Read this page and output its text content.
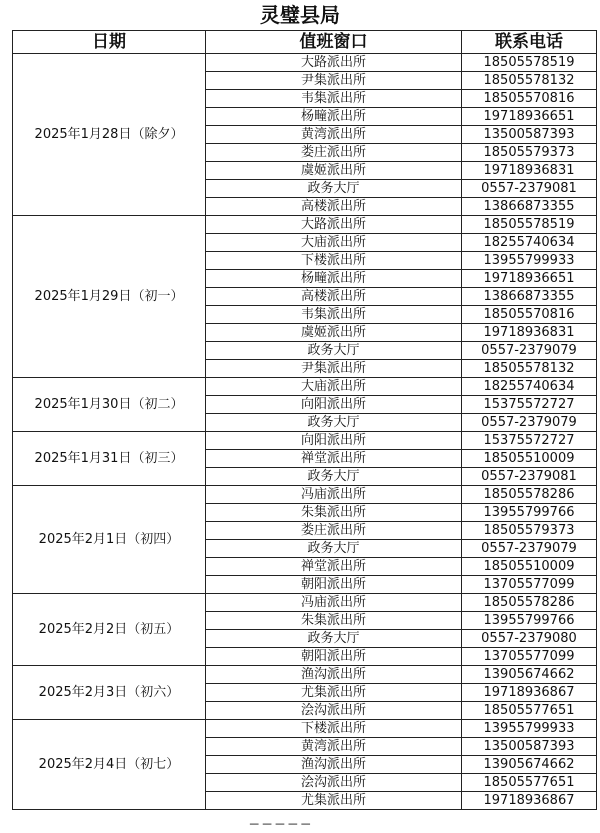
灵璧县局
日期	值班窗口	联系电话
2025年1月28日（除夕）	大路派出所	18505578519
	尹集派出所	18505578132
	韦集派出所	18505570816
	杨疃派出所	19718936651
	黄湾派出所	13500587393
	娄庄派出所	18505579373
	虞姬派出所	19718936831
	政务大厅	0557-2379081
	高楼派出所	13866873355
2025年1月29日（初一）	大路派出所	18505578519
	大庙派出所	18255740634
	下楼派出所	13955799933
	杨疃派出所	19718936651
	高楼派出所	13866873355
	韦集派出所	18505570816
	虞姬派出所	19718936831
	政务大厅	0557-2379079
	尹集派出所	18505578132
2025年1月30日（初二）	大庙派出所	18255740634
	向阳派出所	15375572727
	政务大厅	0557-2379079
2025年1月31日（初三）	向阳派出所	15375572727
	禅堂派出所	18505510009
	政务大厅	0557-2379081
2025年2月1日（初四）	冯庙派出所	18505578286
	朱集派出所	13955799766
	娄庄派出所	18505579373
	政务大厅	0557-2379079
	禅堂派出所	18505510009
	朝阳派出所	13705577099
2025年2月2日（初五）	冯庙派出所	18505578286
	朱集派出所	13955799766
	政务大厅	0557-2379080
	朝阳派出所	13705577099
2025年2月3日（初六）	渔沟派出所	13905674662
	尤集派出所	19718936867
	浍沟派出所	18505577651
2025年2月4日（初七）	下楼派出所	13955799933
	黄湾派出所	13500587393
	渔沟派出所	13905674662
	浍沟派出所	18505577651
	尤集派出所	19718936867
─ ─ ─ ─ ─
